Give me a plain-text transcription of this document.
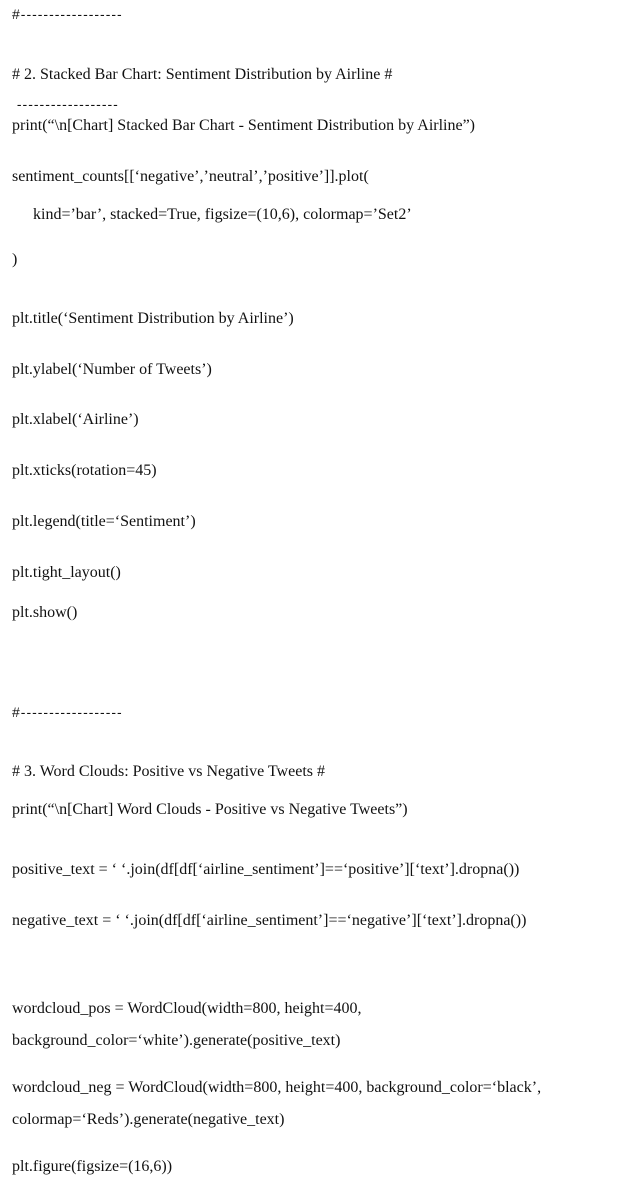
#------------------

# 2. Stacked Bar Chart: Sentiment Distribution by Airline #

------------------

print(“\n[Chart] Stacked Bar Chart - Sentiment Distribution by Airline”)

sentiment_counts[[‘negative’,’neutral’,’positive’]].plot(

kind=’bar’, stacked=True, figsize=(10,6), colormap=’Set2’

)

plt.title(‘Sentiment Distribution by Airline’)

plt.ylabel(‘Number of Tweets’)

plt.xlabel(‘Airline’)

plt.xticks(rotation=45)

plt.legend(title=‘Sentiment’)

plt.tight_layout()

plt.show()

#------------------

# 3. Word Clouds: Positive vs Negative Tweets #

print(“\n[Chart] Word Clouds - Positive vs Negative Tweets”)

positive_text = ‘ ‘.join(df[df[‘airline_sentiment’]==‘positive’][‘text’].dropna())

negative_text = ‘ ‘.join(df[df[‘airline_sentiment’]==‘negative’][‘text’].dropna())

wordcloud_pos = WordCloud(width=800, height=400,

background_color=‘white’).generate(positive_text)

wordcloud_neg = WordCloud(width=800, height=400, background_color=‘black’,

colormap=‘Reds’).generate(negative_text)

plt.figure(figsize=(16,6))
